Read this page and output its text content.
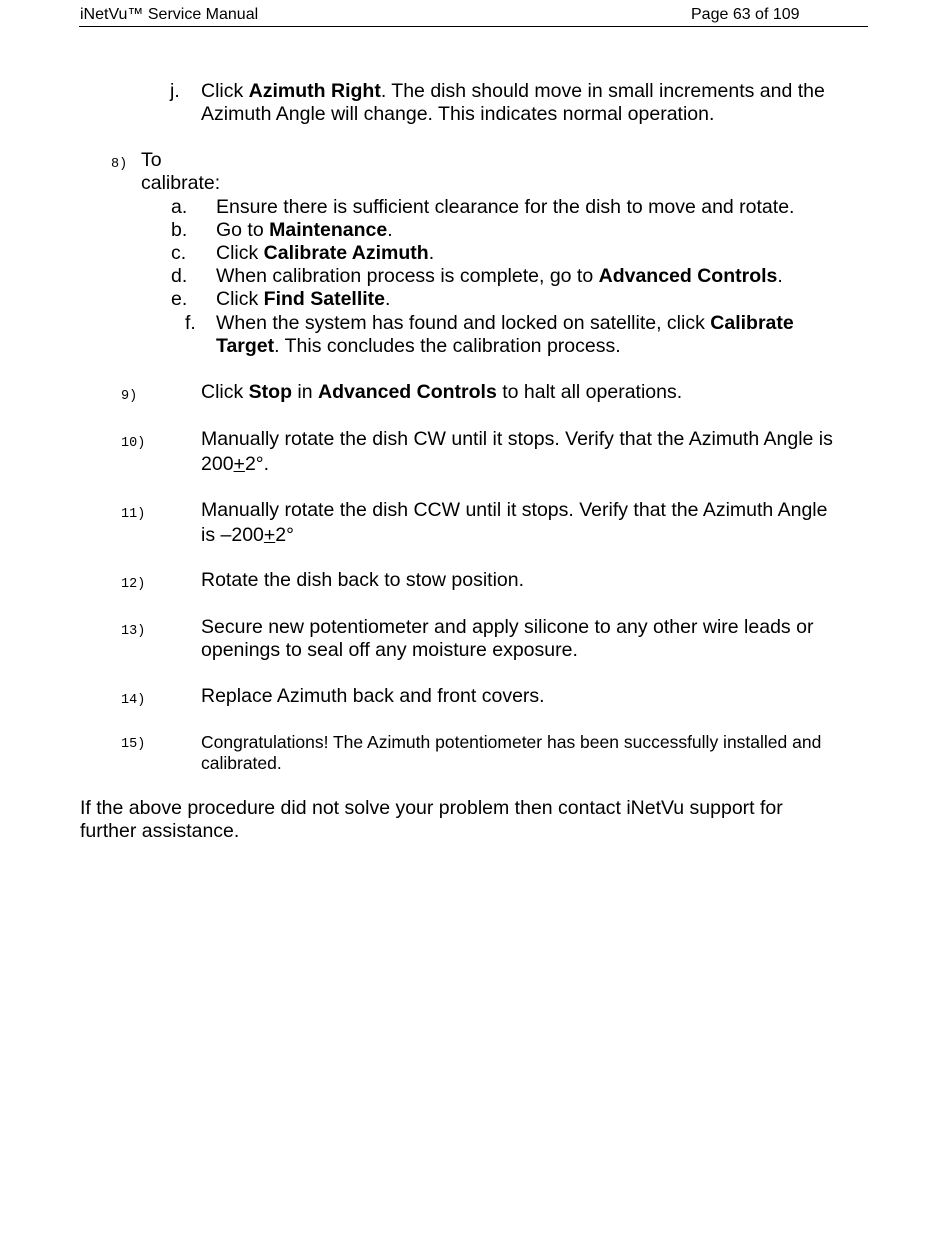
iNetVu™ Service Manual	Page 63 of 109
j. Click Azimuth Right. The dish should move in small increments and the
Azimuth Angle will change. This indicates normal operation.
8) To calibrate:
a. Ensure there is sufficient clearance for the dish to move and rotate.
b. Go to Maintenance.
c. Click Calibrate Azimuth.
d. When calibration process is complete, go to Advanced Controls.
e. Click Find Satellite.
f. When the system has found and locked on satellite, click Calibrate
Target. This concludes the calibration process.
9)	Click Stop in Advanced Controls to halt all operations.
10)	Manually rotate the dish CW until it stops. Verify that the Azimuth Angle is
200+2°.
11)	Manually rotate the dish CCW until it stops. Verify that the Azimuth Angle
is –200+2°
12)	Rotate the dish back to stow position.
13)	Secure new potentiometer and apply silicone to any other wire leads or
openings to seal off any moisture exposure.
14)	Replace Azimuth back and front covers.
15)	Congratulations! The Azimuth potentiometer has been successfully installed and
calibrated.
If the above procedure did not solve your problem then contact iNetVu support for
further assistance.
